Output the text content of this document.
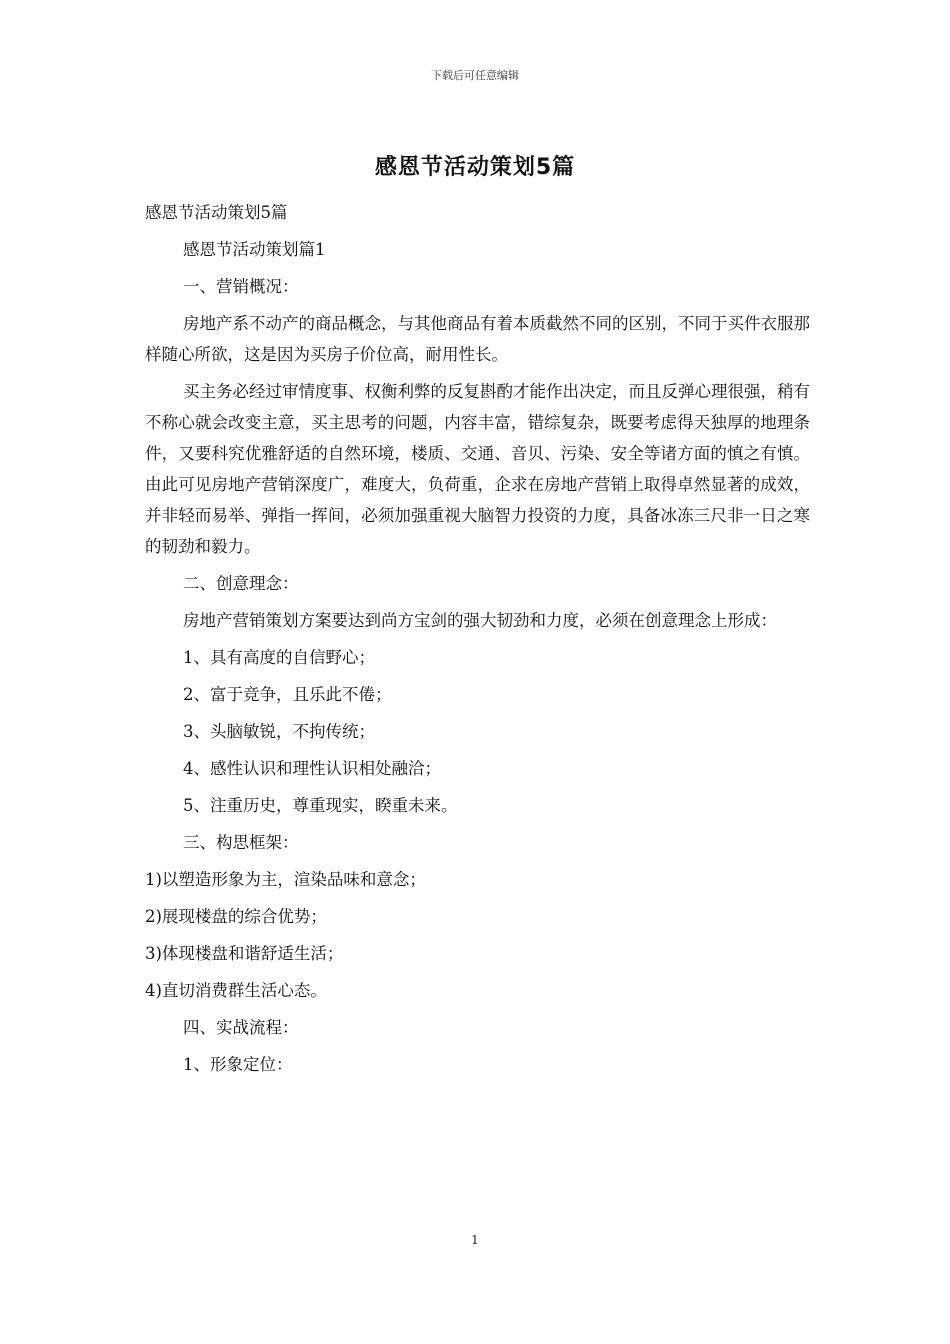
下载后可任意编辑
感恩节活动策划5篇

感恩节活动策划5篇

感恩节活动策划篇1

一、营销概况：

房地产系不动产的商品概念，与其他商品有着本质截然不同的区别，不同于买件衣服那样随心所欲，这是因为买房子价位高，耐用性长。

买主务必经过审情度事、权衡利弊的反复斟酌才能作出决定，而且反弹心理很强，稍有不称心就会改变主意，买主思考的问题，内容丰富，错综复杂，既要考虑得天独厚的地理条件，又要科究优雅舒适的自然环境，楼质、交通、音贝、污染、安全等诸方面的慎之有慎。由此可见房地产营销深度广，难度大，负荷重，企求在房地产营销上取得卓然显著的成效，并非轻而易举、弹指一挥间，必须加强重视大脑智力投资的力度，具备冰冻三尺非一日之寒的韧劲和毅力。

二、创意理念：

房地产营销策划方案要达到尚方宝剑的强大韧劲和力度，必须在创意理念上形成：

1、具有高度的自信野心；

2、富于竞争，且乐此不倦；

3、头脑敏锐，不拘传统；

4、感性认识和理性认识相处融洽；

5、注重历史，尊重现实，睽重未来。

三、构思框架：

1)以塑造形象为主，渲染品味和意念；

2)展现楼盘的综合优势；

3)体现楼盘和谐舒适生活；

4)直切消费群生活心态。

四、实战流程：

1、形象定位：

1
